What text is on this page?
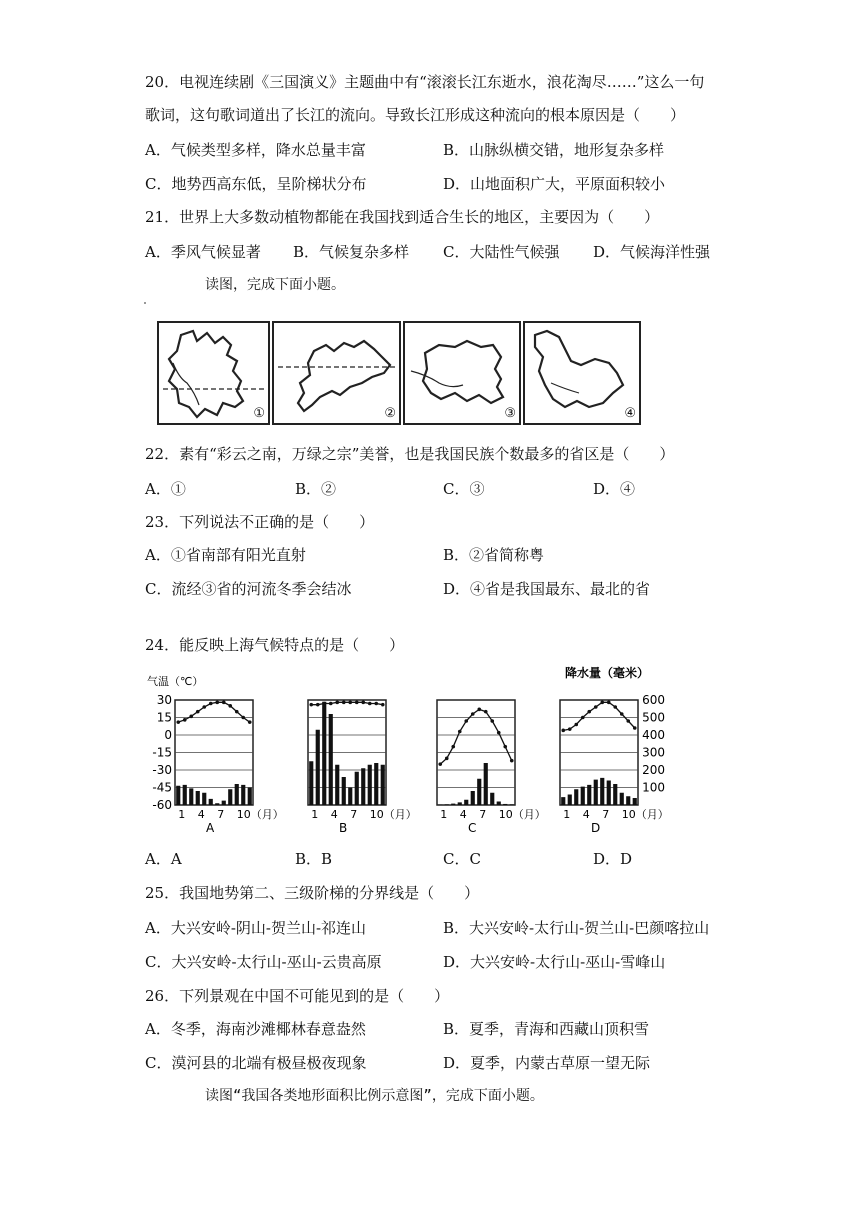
20．电视连续剧《三国演义》主题曲中有“滚滚长江东逝水，浪花淘尽……”这么一句
歌词，这句歌词道出了长江的流向。导致长江形成这种流向的根本原因是（　　）
A．气候类型多样，降水总量丰富	B．山脉纵横交错，地形复杂多样
C．地势西高东低，呈阶梯状分布	D．山地面积广大，平原面积较小
21．世界上大多数动植物都能在我国找到适合生长的地区，主要因为（　　）
A．季风气候显著 B．气候复杂多样 C．大陆性气候强 D．气候海洋性强
读图，完成下面小题。
①	②	③	④
22．素有“彩云之南，万绿之宗”美誉，也是我国民族个数最多的省区是（　　）
A．①	B．②	C．③	D．④
23．下列说法不正确的是（　　）
A．①省南部有阳光直射	B．②省简称粤
C．流经③省的河流冬季会结冰	D．④省是我国最东、最北的省
24．能反映上海气候特点的是（　　）
气温（℃）
降水量（毫米）
30
15
0
-15
-30
-45
-60
600
500
400
300
200
100
1 4 7 10（月）
A
1 4 7 10（月）
B
1 4 7 10（月）
C
1 4 7 10（月）
D
A．A	B．B	C．C	D．D
25．我国地势第二、三级阶梯的分界线是（　　）
A．大兴安岭-阴山-贺兰山-祁连山	B．大兴安岭-太行山-贺兰山-巴颜喀拉山
C．大兴安岭-太行山-巫山-云贵高原	D．大兴安岭-太行山-巫山-雪峰山
26．下列景观在中国不可能见到的是（　　）
A．冬季，海南沙滩椰林春意盎然	B．夏季，青海和西藏山顶积雪
C．漠河县的北端有极昼极夜现象	D．夏季，内蒙古草原一望无际
读图“我国各类地形面积比例示意图”，完成下面小题。
